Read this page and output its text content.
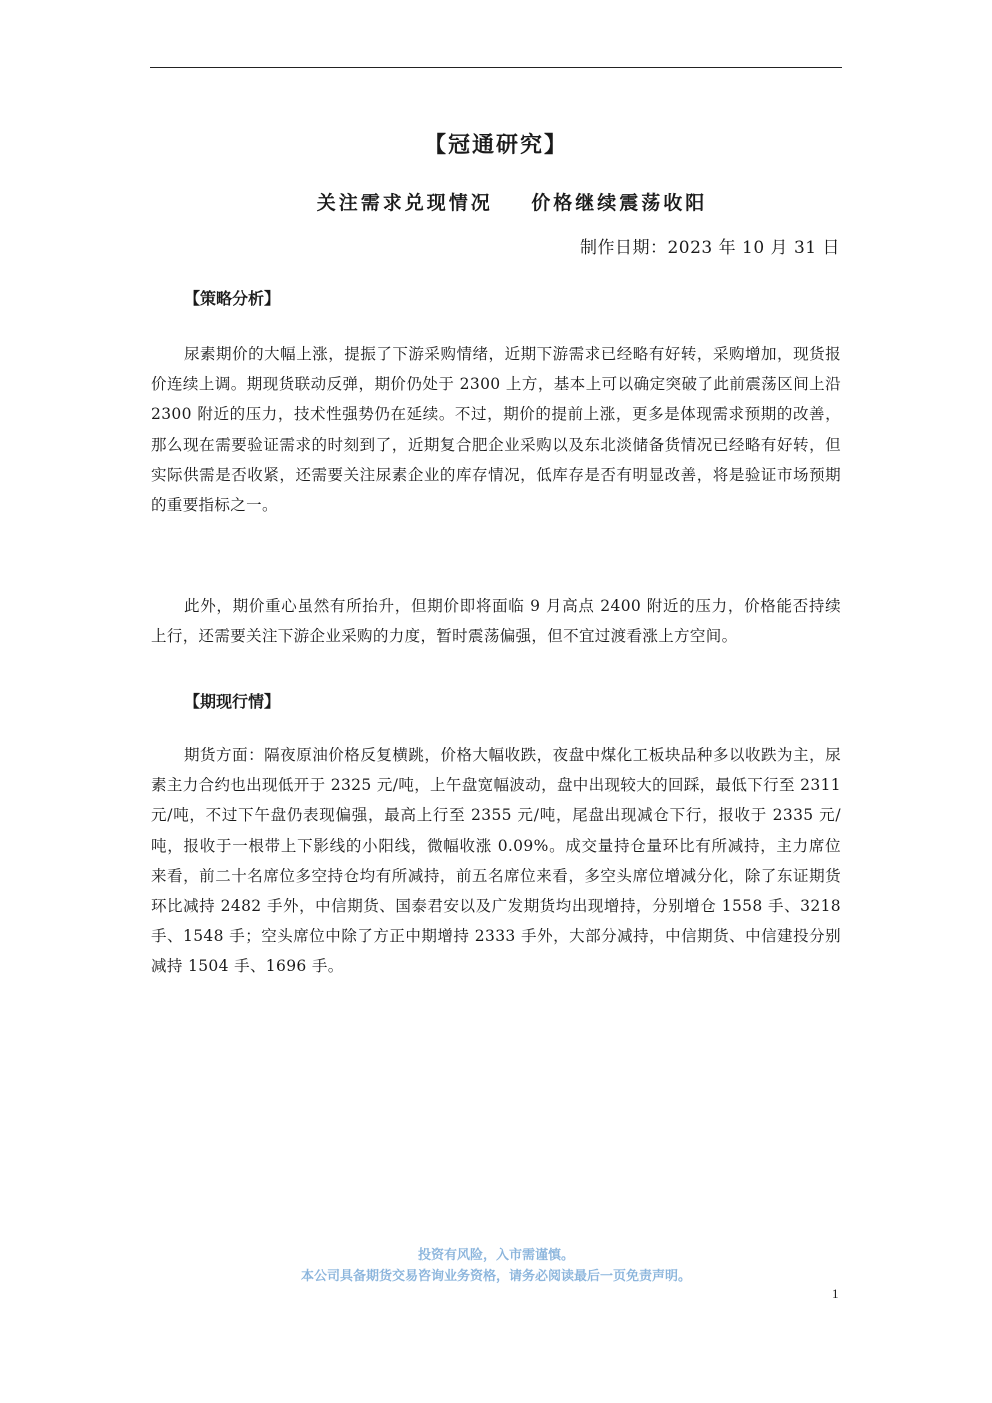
【冠通研究】
关注需求兑现情况    价格继续震荡收阳
制作日期：2023 年 10 月 31 日
【策略分析】

尿素期价的大幅上涨，提振了下游采购情绪，近期下游需求已经略有好转，采购增加，现货报价连续上调。期现货联动反弹，期价仍处于 2300 上方，基本上可以确定突破了此前震荡区间上沿 2300 附近的压力，技术性强势仍在延续。不过，期价的提前上涨，更多是体现需求预期的改善，那么现在需要验证需求的时刻到了，近期复合肥企业采购以及东北淡储备货情况已经略有好转，但实际供需是否收紧，还需要关注尿素企业的库存情况，低库存是否有明显改善，将是验证市场预期的重要指标之一。

此外，期价重心虽然有所抬升，但期价即将面临 9 月高点 2400 附近的压力，价格能否持续上行，还需要关注下游企业采购的力度，暂时震荡偏强，但不宜过渡看涨上方空间。

【期现行情】

期货方面：隔夜原油价格反复横跳，价格大幅收跌，夜盘中煤化工板块品种多以收跌为主，尿素主力合约也出现低开于 2325 元/吨，上午盘宽幅波动，盘中出现较大的回踩，最低下行至 2311 元/吨，不过下午盘仍表现偏强，最高上行至 2355 元/吨，尾盘出现减仓下行，报收于 2335 元/吨，报收于一根带上下影线的小阳线，微幅收涨 0.09%。成交量持仓量环比有所减持，主力席位来看，前二十名席位多空持仓均有所减持，前五名席位来看，多空头席位增减分化，除了东证期货环比减持 2482 手外，中信期货、国泰君安以及广发期货均出现增持，分别增仓 1558 手、3218 手、1548 手；空头席位中除了方正中期增持 2333 手外，大部分减持，中信期货、中信建投分别减持 1504 手、1696 手。

投资有风险，入市需谨慎。
本公司具备期货交易咨询业务资格，请务必阅读最后一页免责声明。
1
